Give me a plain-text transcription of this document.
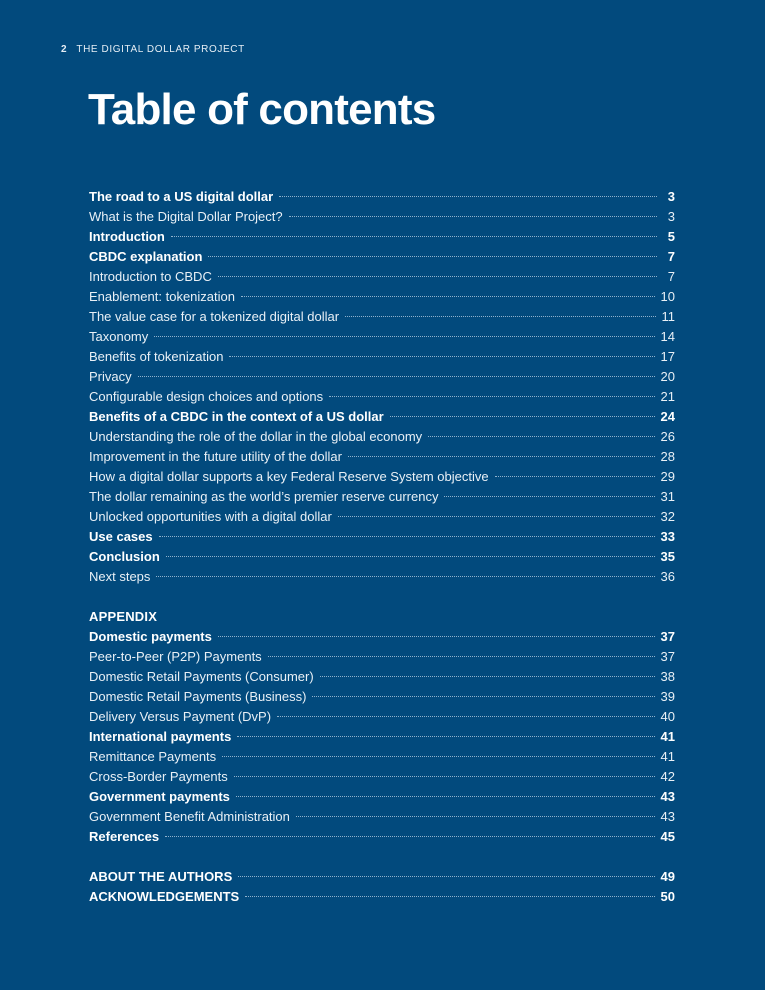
2 THE DIGITAL DOLLAR PROJECT
Table of contents
The road to a US digital dollar	3
What is the Digital Dollar Project?	3
Introduction	5
CBDC explanation	7
Introduction to CBDC	7
Enablement: tokenization	10
The value case for a tokenized digital dollar	11
Taxonomy	14
Benefits of tokenization	17
Privacy	20
Configurable design choices and options	21
Benefits of a CBDC in the context of a US dollar	24
Understanding the role of the dollar in the global economy	26
Improvement in the future utility of the dollar	28
How a digital dollar supports a key Federal Reserve System objective	29
The dollar remaining as the world’s premier reserve currency	31
Unlocked opportunities with a digital dollar	32
Use cases	33
Conclusion	35
Next steps	36
APPENDIX
Domestic payments	37
Peer-to-Peer (P2P) Payments	37
Domestic Retail Payments (Consumer)	38
Domestic Retail Payments (Business)	39
Delivery Versus Payment (DvP)	40
International payments	41
Remittance Payments	41
Cross-Border Payments	42
Government payments	43
Government Benefit Administration	43
References	45
ABOUT THE AUTHORS	49
ACKNOWLEDGEMENTS	50
